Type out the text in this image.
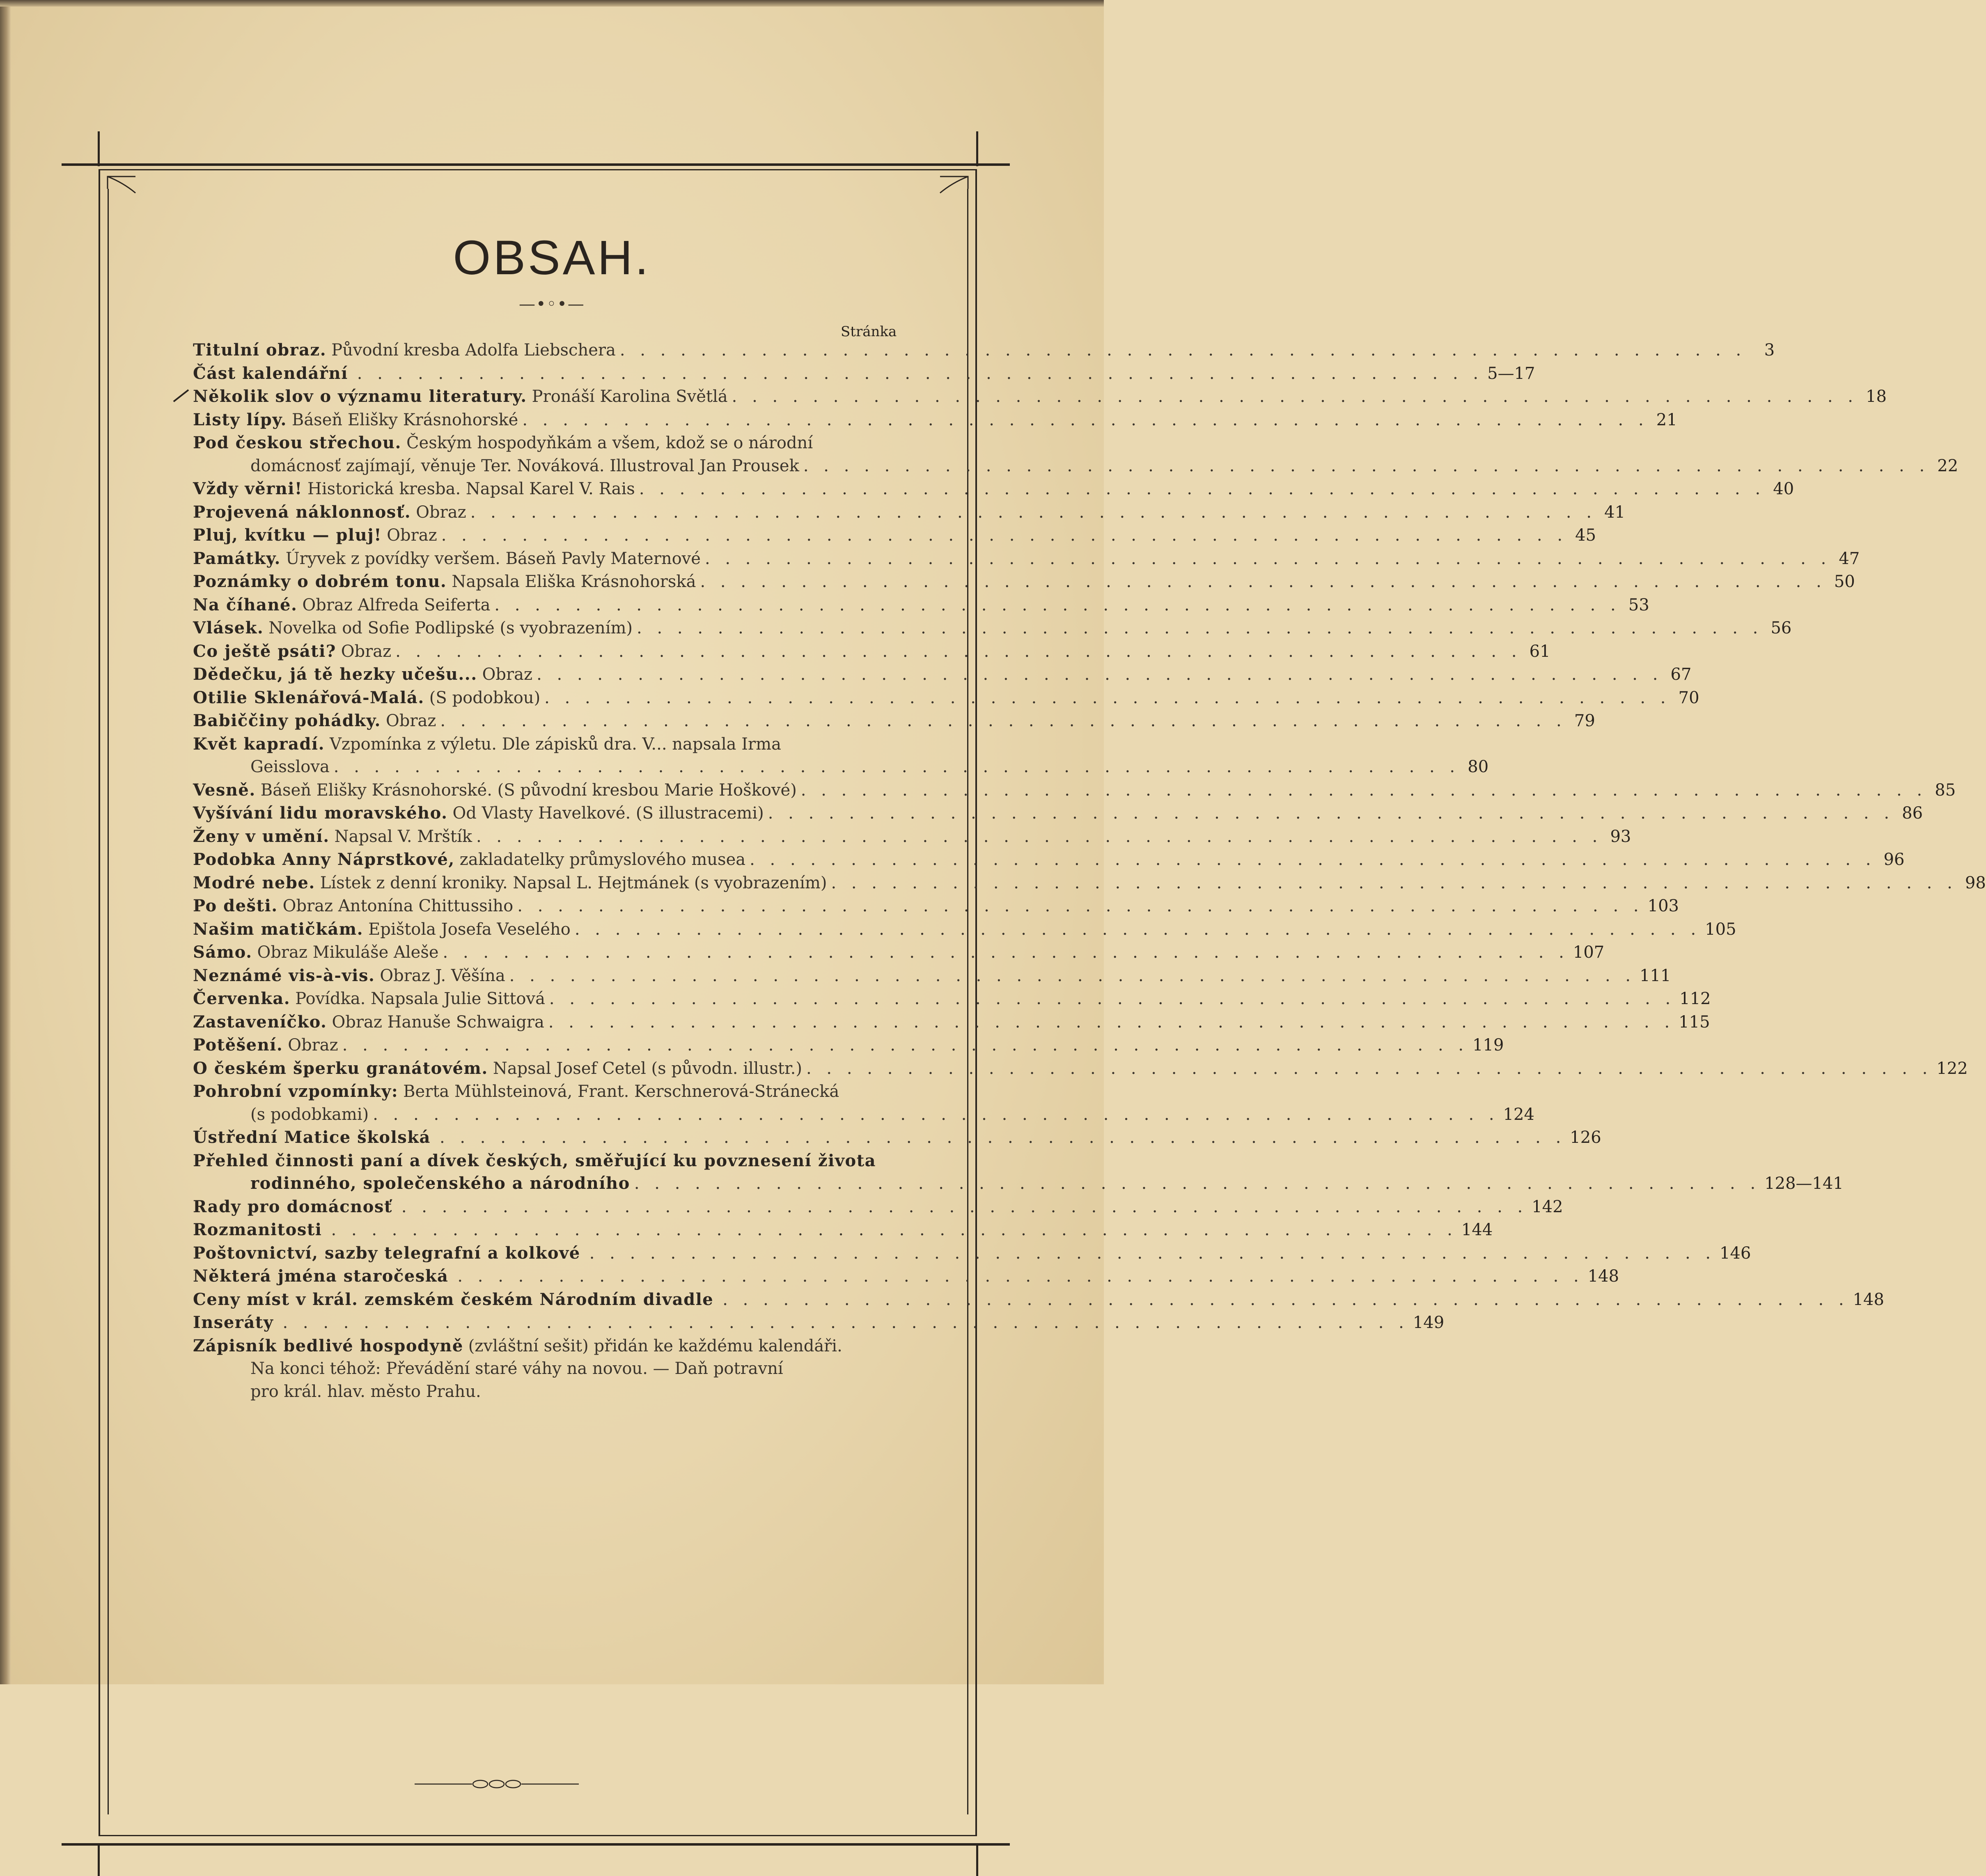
OBSAH.
—•◦•—
Stránka
Titulní obraz. Původní kresba Adolfa Liebschera . . . . . . . . . . . . . . . . . . . . . . . . . . . . . . . . . . . . . . . . . . . . . . . . . . . . . . . .	3
Část kalendářní . . . . . . . . . . . . . . . . . . . . . . . . . . . . . . . . . . . . . . . . . . . . . . . . . . . . . . . . 5—17
Několik slov o významu literatury. Pronáší Karolina Světlá . . . . . . . . . . . . . . . . . . . . . . . . . . . . . . . . . . . . . . . . . . . . . . . . . . . . . . . . 18
Listy lípy. Báseň Elišky Krásnohorské . . . . . . . . . . . . . . . . . . . . . . . . . . . . . . . . . . . . . . . . . . . . . . . . . . . . . . . . 21
Pod českou střechou. Českým hospodyňkám a všem, kdož se o národní
domácnosť zajímají, věnuje Ter. Nováková. Illustroval Jan Prousek . . . . . . . . . . . . . . . . . . . . . . . . . . . . . . . . . . . . . . . . . . . . . . . . . . . . . . . . 22
Vždy věrni! Historická kresba. Napsal Karel V. Rais . . . . . . . . . . . . . . . . . . . . . . . . . . . . . . . . . . . . . . . . . . . . . . . . . . . . . . . . 40
Projevená náklonnosť. Obraz . . . . . . . . . . . . . . . . . . . . . . . . . . . . . . . . . . . . . . . . . . . . . . . . . . . . . . . . 41
Pluj, kvítku — pluj! Obraz . . . . . . . . . . . . . . . . . . . . . . . . . . . . . . . . . . . . . . . . . . . . . . . . . . . . . . . . 45
Památky. Úryvek z povídky veršem. Báseň Pavly Maternové . . . . . . . . . . . . . . . . . . . . . . . . . . . . . . . . . . . . . . . . . . . . . . . . . . . . . . . . 47
Poznámky o dobrém tonu. Napsala Eliška Krásnohorská . . . . . . . . . . . . . . . . . . . . . . . . . . . . . . . . . . . . . . . . . . . . . . . . . . . . . . . . 50
Na číhané. Obraz Alfreda Seiferta . . . . . . . . . . . . . . . . . . . . . . . . . . . . . . . . . . . . . . . . . . . . . . . . . . . . . . . . 53
Vlásek. Novelka od Sofie Podlipské (s vyobrazením) . . . . . . . . . . . . . . . . . . . . . . . . . . . . . . . . . . . . . . . . . . . . . . . . . . . . . . . . 56
Co ještě psáti? Obraz . . . . . . . . . . . . . . . . . . . . . . . . . . . . . . . . . . . . . . . . . . . . . . . . . . . . . . . . 61
Dědečku, já tě hezky učešu... Obraz . . . . . . . . . . . . . . . . . . . . . . . . . . . . . . . . . . . . . . . . . . . . . . . . . . . . . . . . 67
Otilie Sklenářová-Malá. (S podobkou) . . . . . . . . . . . . . . . . . . . . . . . . . . . . . . . . . . . . . . . . . . . . . . . . . . . . . . . . 70
Babiččiny pohádky. Obraz . . . . . . . . . . . . . . . . . . . . . . . . . . . . . . . . . . . . . . . . . . . . . . . . . . . . . . . . 79
Květ kapradí. Vzpomínka z výletu. Dle zápisků dra. V... napsala Irma
Geisslova . . . . . . . . . . . . . . . . . . . . . . . . . . . . . . . . . . . . . . . . . . . . . . . . . . . . . . . . 80
Vesně. Báseň Elišky Krásnohorské. (S původní kresbou Marie Hoškové) . . . . . . . . . . . . . . . . . . . . . . . . . . . . . . . . . . . . . . . . . . . . . . . . . . . . . . . . 85
Vyšívání lidu moravského. Od Vlasty Havelkové. (S illustracemi) . . . . . . . . . . . . . . . . . . . . . . . . . . . . . . . . . . . . . . . . . . . . . . . . . . . . . . . . 86
Ženy v umění. Napsal V. Mrštík . . . . . . . . . . . . . . . . . . . . . . . . . . . . . . . . . . . . . . . . . . . . . . . . . . . . . . . . 93
Podobka Anny Náprstkové, zakladatelky průmyslového musea . . . . . . . . . . . . . . . . . . . . . . . . . . . . . . . . . . . . . . . . . . . . . . . . . . . . . . . . 96
Modré nebe. Lístek z denní kroniky. Napsal L. Hejtmánek (s vyobrazením) . . . . . . . . . . . . . . . . . . . . . . . . . . . . . . . . . . . . . . . . . . . . . . . . . . . . . . . . 98
Po dešti. Obraz Antonína Chittussiho . . . . . . . . . . . . . . . . . . . . . . . . . . . . . . . . . . . . . . . . . . . . . . . . . . . . . . . . 103
Našim matičkám. Epištola Josefa Veselého . . . . . . . . . . . . . . . . . . . . . . . . . . . . . . . . . . . . . . . . . . . . . . . . . . . . . . . . 105
Sámo. Obraz Mikuláše Aleše . . . . . . . . . . . . . . . . . . . . . . . . . . . . . . . . . . . . . . . . . . . . . . . . . . . . . . . . 107
Neznámé vis-à-vis. Obraz J. Věšína . . . . . . . . . . . . . . . . . . . . . . . . . . . . . . . . . . . . . . . . . . . . . . . . . . . . . . . . 111
Červenka. Povídka. Napsala Julie Sittová . . . . . . . . . . . . . . . . . . . . . . . . . . . . . . . . . . . . . . . . . . . . . . . . . . . . . . . . 112
Zastaveníčko. Obraz Hanuše Schwaigra . . . . . . . . . . . . . . . . . . . . . . . . . . . . . . . . . . . . . . . . . . . . . . . . . . . . . . . . 115
Potěšení. Obraz . . . . . . . . . . . . . . . . . . . . . . . . . . . . . . . . . . . . . . . . . . . . . . . . . . . . . . . . 119
O českém šperku granátovém. Napsal Josef Cetel (s původn. illustr.) . . . . . . . . . . . . . . . . . . . . . . . . . . . . . . . . . . . . . . . . . . . . . . . . . . . . . . . . 122
Pohrobní vzpomínky: Berta Mühlsteinová, Frant. Kerschnerová-Stránecká
(s podobkami) . . . . . . . . . . . . . . . . . . . . . . . . . . . . . . . . . . . . . . . . . . . . . . . . . . . . . . . . 124
Ústřední Matice školská . . . . . . . . . . . . . . . . . . . . . . . . . . . . . . . . . . . . . . . . . . . . . . . . . . . . . . . . 126
Přehled činnosti paní a dívek českých, směřující ku povznesení života
rodinného, společenského a národního . . . . . . . . . . . . . . . . . . . . . . . . . . . . . . . . . . . . . . . . . . . . . . . . . . . . . . . . 128—141
Rady pro domácnosť . . . . . . . . . . . . . . . . . . . . . . . . . . . . . . . . . . . . . . . . . . . . . . . . . . . . . . . . 142
Rozmanitosti . . . . . . . . . . . . . . . . . . . . . . . . . . . . . . . . . . . . . . . . . . . . . . . . . . . . . . . . 144
Poštovnictví, sazby telegrafní a kolkové . . . . . . . . . . . . . . . . . . . . . . . . . . . . . . . . . . . . . . . . . . . . . . . . . . . . . . . . 146
Některá jména staročeská . . . . . . . . . . . . . . . . . . . . . . . . . . . . . . . . . . . . . . . . . . . . . . . . . . . . . . . . 148
Ceny míst v král. zemském českém Národním divadle . . . . . . . . . . . . . . . . . . . . . . . . . . . . . . . . . . . . . . . . . . . . . . . . . . . . . . . . 148
Inseráty . . . . . . . . . . . . . . . . . . . . . . . . . . . . . . . . . . . . . . . . . . . . . . . . . . . . . . . . 149
Zápisník bedlivé hospodyně (zvláštní sešit) přidán ke každému kalendáři.
Na konci téhož: Převádění staré váhy na novou. — Daň potravní
pro král. hlav. město Prahu.
